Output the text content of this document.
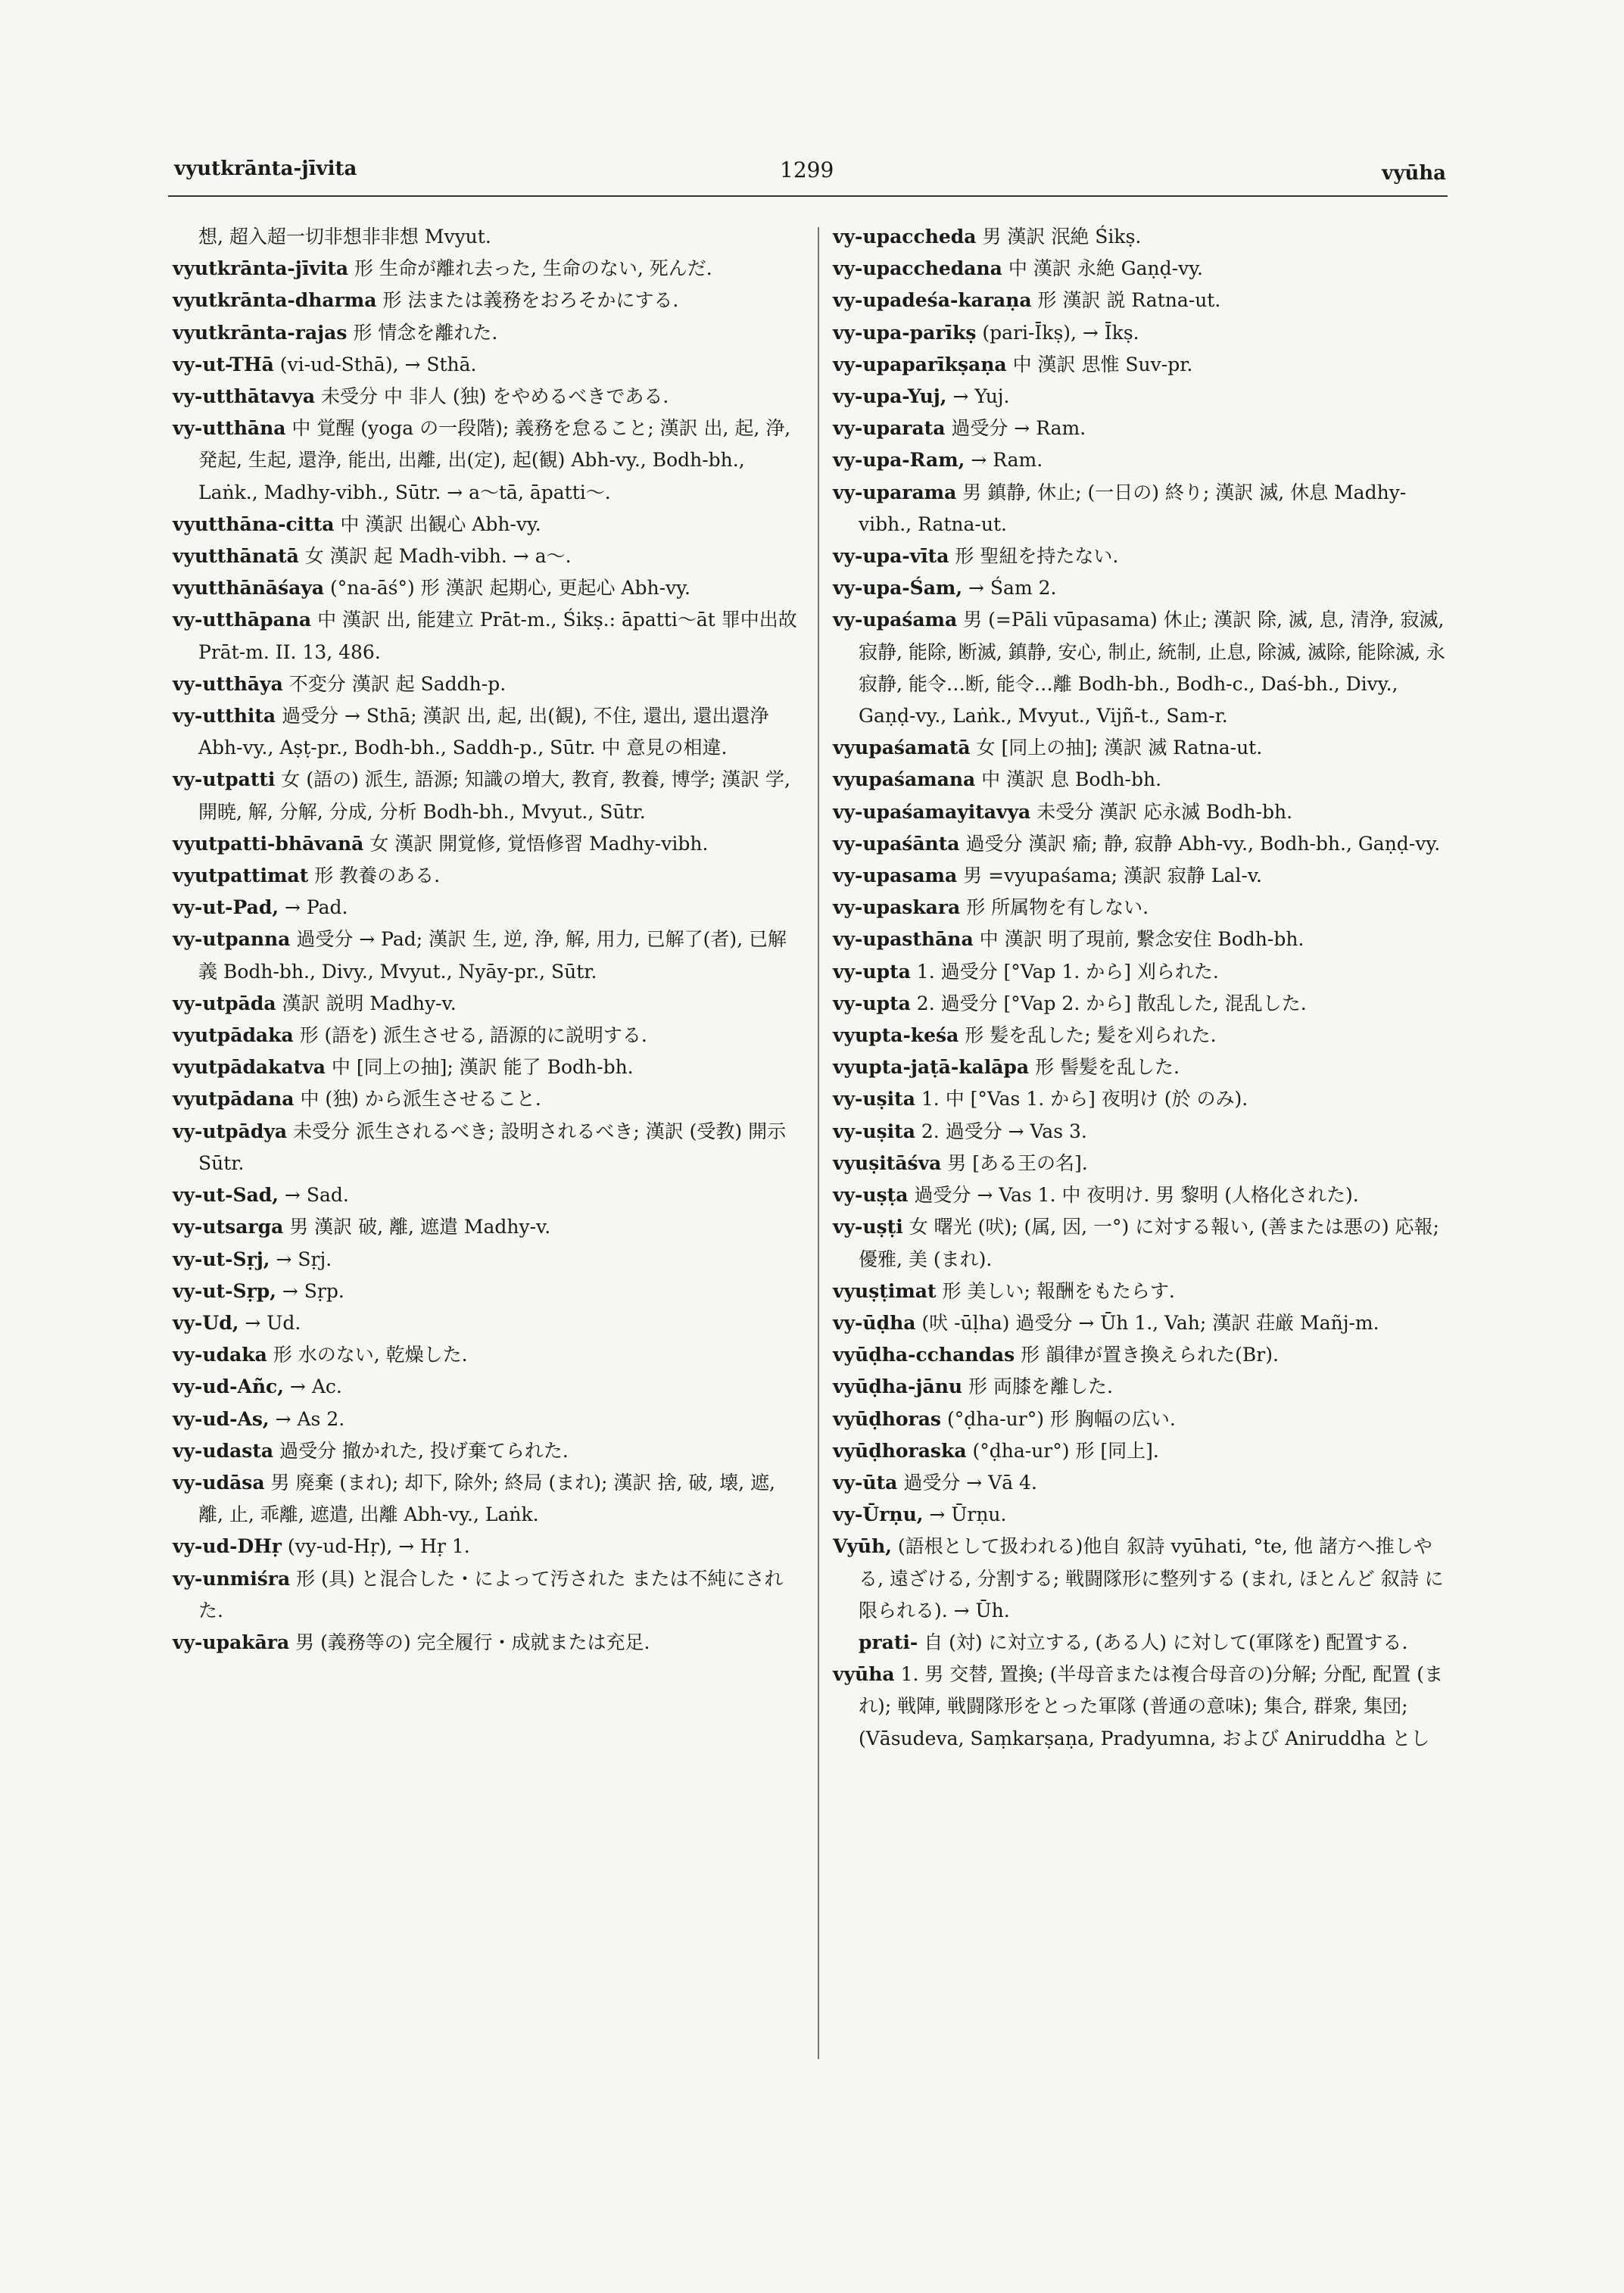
vyutkrānta-jīvita	1299	vyūha

想, 超入超一切非想非非想 Mvyut.

vyutkrānta-jīvita 形 生命が離れ去った, 生命のない, 死んだ.

vyutkrānta-dharma 形 法または義務をおろそかにする.

vyutkrānta-rajas 形 情念を離れた.

vy-ut-THā (vi-ud-Sthā), → Sthā.

vy-utthātavya 未受分 中 非人 (独) をやめるべきである.

vy-utthāna 中 覚醒 (yoga の一段階); 義務を怠ること; 漢訳 出, 起, 浄, 発起, 生起, 還浄, 能出, 出離, 出(定), 起(観) Abh-vy., Bodh-bh., Laṅk., Madhy-vibh., Sūtr. → a～tā, āpatti～.

vyutthāna-citta 中 漢訳 出観心 Abh-vy.

vyutthānatā 女 漢訳 起 Madh-vibh. → a～.

vyutthānāśaya (°na-āś°) 形 漢訳 起期心, 更起心 Abh-vy.

vy-utthāpana 中 漢訳 出, 能建立 Prāt-m., Śikṣ.: āpatti～āt 罪中出故 Prāt-m. II. 13, 486.

vy-utthāya 不変分 漢訳 起 Saddh-p.

vy-utthita 過受分 → Sthā; 漢訳 出, 起, 出(観), 不住, 還出, 還出還浄 Abh-vy., Aṣṭ-pr., Bodh-bh., Saddh-p., Sūtr. 中 意見の相違.

vy-utpatti 女 (語の) 派生, 語源; 知識の増大, 教育, 教養, 博学; 漢訳 学, 開暁, 解, 分解, 分成, 分析 Bodh-bh., Mvyut., Sūtr.

vyutpatti-bhāvanā 女 漢訳 開覚修, 覚悟修習 Madhy-vibh.

vyutpattimat 形 教養のある.

vy-ut-Pad, → Pad.

vy-utpanna 過受分 → Pad; 漢訳 生, 逆, 浄, 解, 用力, 已解了(者), 已解義 Bodh-bh., Divy., Mvyut., Nyāy-pr., Sūtr.

vy-utpāda 漢訳 説明 Madhy-v.

vyutpādaka 形 (語を) 派生させる, 語源的に説明する.

vyutpādakatva 中 [同上の抽]; 漢訳 能了 Bodh-bh.

vyutpādana 中 (独) から派生させること.

vy-utpādya 未受分 派生されるべき; 設明されるべき; 漢訳 (受教) 開示 Sūtr.

vy-ut-Sad, → Sad.

vy-utsarga 男 漢訳 破, 離, 遮遣 Madhy-v.

vy-ut-Sṛj, → Sṛj.

vy-ut-Sṛp, → Sṛp.

vy-Ud, → Ud.

vy-udaka 形 水のない, 乾燥した.

vy-ud-Añc, → Ac.

vy-ud-As, → As 2.

vy-udasta 過受分 撤かれた, 投げ棄てられた.

vy-udāsa 男 廃棄 (まれ); 却下, 除外; 終局 (まれ); 漢訳 捨, 破, 壊, 遮, 離, 止, 乖離, 遮遣, 出離 Abh-vy., Laṅk.

vy-ud-DHṛ (vy-ud-Hṛ), → Hṛ 1.

vy-unmiśra 形 (具) と混合した・によって汚された または不純にされた.

vy-upakāra 男 (義務等の) 完全履行・成就または充足.

vy-upaccheda 男 漢訳 泯絶 Śikṣ.

vy-upacchedana 中 漢訳 永絶 Gaṇḍ-vy.

vy-upadeśa-karaṇa 形 漢訳 説 Ratna-ut.

vy-upa-parīkṣ (pari-Īkṣ), → Īkṣ.

vy-upaparīkṣaṇa 中 漢訳 思惟 Suv-pr.

vy-upa-Yuj, → Yuj.

vy-uparata 過受分 → Ram.

vy-upa-Ram, → Ram.

vy-uparama 男 鎮静, 休止; (一日の) 終り; 漢訳 滅, 休息 Madhy-vibh., Ratna-ut.

vy-upa-vīta 形 聖紐を持たない.

vy-upa-Śam, → Śam 2.

vy-upaśama 男 (=Pāli vūpasama) 休止; 漢訳 除, 滅, 息, 清浄, 寂滅, 寂静, 能除, 断滅, 鎮静, 安心, 制止, 統制, 止息, 除滅, 滅除, 能除滅, 永寂静, 能令…断, 能令…離 Bodh-bh., Bodh-c., Daś-bh., Divy., Gaṇḍ-vy., Laṅk., Mvyut., Vijñ-t., Sam-r.

vyupaśamatā 女 [同上の抽]; 漢訳 滅 Ratna-ut.

vyupaśamana 中 漢訳 息 Bodh-bh.

vy-upaśamayitavya 未受分 漢訳 応永滅 Bodh-bh.

vy-upaśānta 過受分 漢訳 瘉; 静, 寂静 Abh-vy., Bodh-bh., Gaṇḍ-vy.

vy-upasama 男 =vyupaśama; 漢訳 寂静 Lal-v.

vy-upaskara 形 所属物を有しない.

vy-upasthāna 中 漢訳 明了現前, 繋念安住 Bodh-bh.

vy-upta 1. 過受分 [°Vap 1. から] 刈られた.

vy-upta 2. 過受分 [°Vap 2. から] 散乱した, 混乱した.

vyupta-keśa 形 髪を乱した; 髪を刈られた.

vyupta-jaṭā-kalāpa 形 髻髪を乱した.

vy-uṣita 1. 中 [°Vas 1. から] 夜明け (於 のみ).

vy-uṣita 2. 過受分 → Vas 3.

vyuṣitāśva 男 [ある王の名].

vy-uṣṭa 過受分 → Vas 1. 中 夜明け. 男 黎明 (人格化された).

vy-uṣṭi 女 曙光 (吠); (属, 因, 一°) に対する報い, (善または悪の) 応報; 優雅, 美 (まれ).

vyuṣṭimat 形 美しい; 報酬をもたらす.

vy-ūḍha (吠 -ūḷha) 過受分 → Ūh 1., Vah; 漢訳 荘厳 Mañj-m.

vyūḍha-cchandas 形 韻律が置き換えられた(Br).

vyūḍha-jānu 形 両膝を離した.

vyūḍhoras (°ḍha-ur°) 形 胸幅の広い.

vyūḍhoraska (°ḍha-ur°) 形 [同上].

vy-ūta 過受分 → Vā 4.

vy-Ūrṇu, → Ūrṇu.

Vyūh, (語根として扱われる)他自 叙詩 vyūhati, °te, 他 諸方へ推しやる, 遠ざける, 分割する; 戦闘隊形に整列する (まれ, ほとんど 叙詩 に限られる). → Ūh.

prati- 自 (対) に対立する, (ある人) に対して(軍隊を) 配置する.

vyūha 1. 男 交替, 置換; (半母音または複合母音の)分解; 分配, 配置 (まれ); 戦陣, 戦闘隊形をとった軍隊 (普通の意味); 集合, 群衆, 集団; (Vāsudeva, Saṃkarṣaṇa, Pradyumna, および Aniruddha とし
